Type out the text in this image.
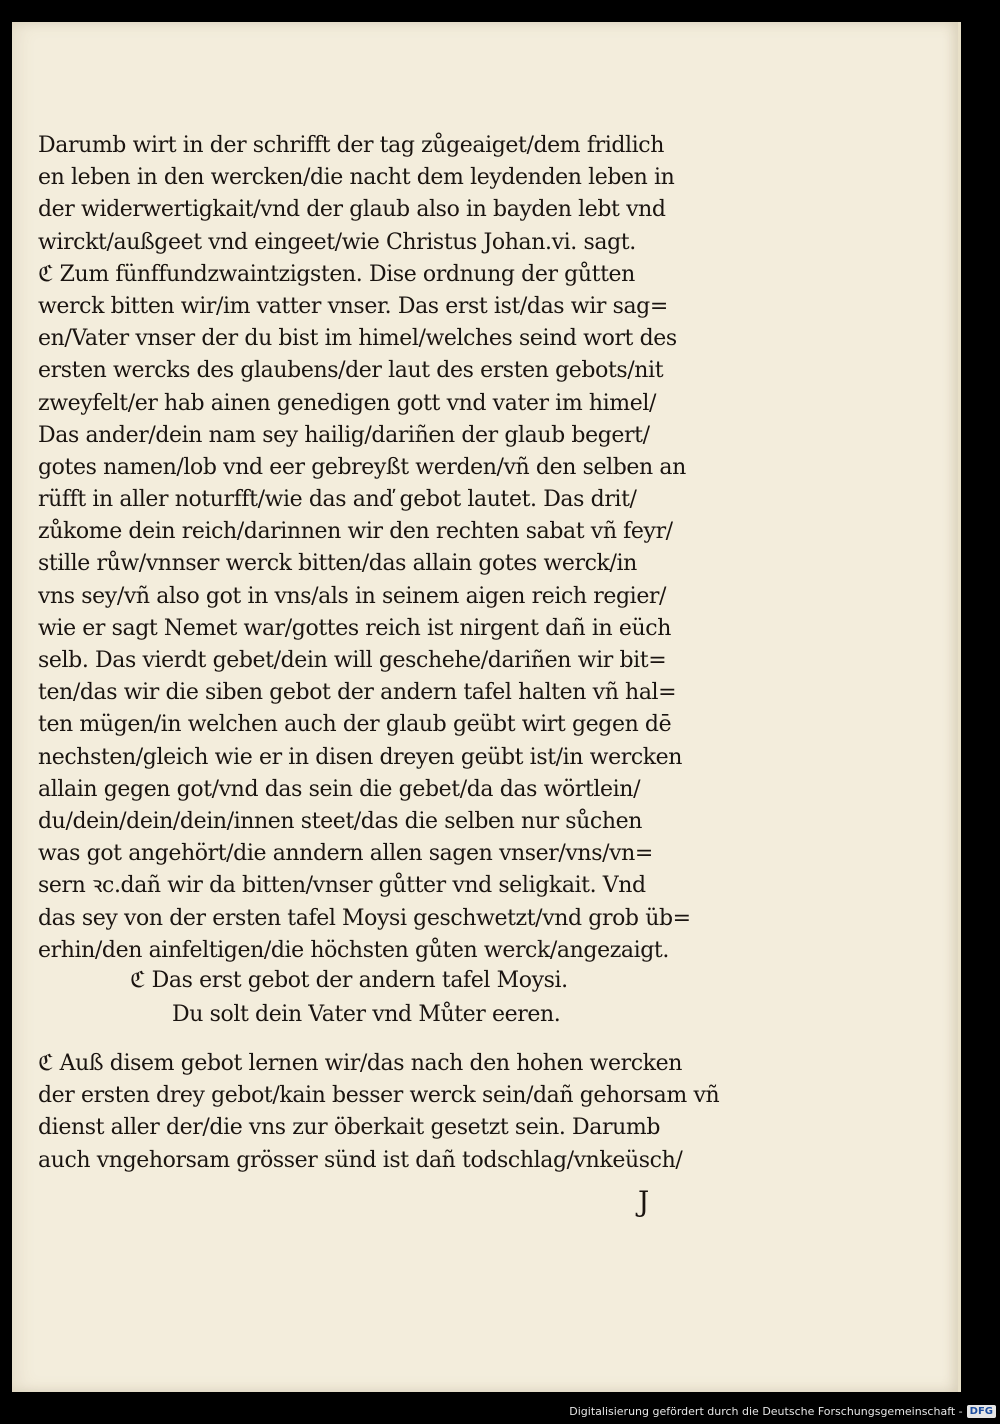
Darumb wirt in der schrifft der tag zůgeaiget/dem fridlich
en leben in den wercken/die nacht dem leydenden leben in
der widerwertigkait/vnd der glaub also in bayden lebt vnd
wirckt/außgeet vnd eingeet/wie Christus Johan.vi. sagt.
ℭ Zum fünffundzwaintzigsten. Dise ordnung der gůtten
werck bitten wir/im vatter vnser. Das erst ist/das wir sag=
en/Vater vnser der du bist im himel/welches seind wort des
ersten wercks des glaubens/der laut des ersten gebots/nit
zweyfelt/er hab ainen genedigen gott vnd vater im himel/
Das ander/dein nam sey hailig/dariñen der glaub begert/
gotes namen/lob vnd eer gebreyßt werden/vñ den selben an
rüfft in aller noturfft/wie das anď gebot lautet. Das drit/
zůkome dein reich/darinnen wir den rechten sabat vñ feyr/
stille růw/vnnser werck bitten/das allain gotes werck/in
vns sey/vñ also got in vns/als in seinem aigen reich regier/
wie er sagt Nemet war/gottes reich ist nirgent dañ in eüch
selb. Das vierdt gebet/dein will geschehe/dariñen wir bit=
ten/das wir die siben gebot der andern tafel halten vñ hal=
ten mügen/in welchen auch der glaub geübt wirt gegen dē
nechsten/gleich wie er in disen dreyen geübt ist/in wercken
allain gegen got/vnd das sein die gebet/da das wörtlein/
du/dein/dein/dein/innen steet/das die selben nur sůchen
was got angehört/die anndern allen sagen vnser/vns/vn=
sern ꝛc.dañ wir da bitten/vnser gůtter vnd seligkait. Vnd
das sey von der ersten tafel Moysi geschwetzt/vnd grob üb=
erhin/den ainfeltigen/die höchsten gůten werck/angezaigt.
ℭ Das erst gebot der andern tafel Moysi.
Du solt dein Vater vnd Můter eeren.
ℭ Auß disem gebot lernen wir/das nach den hohen wercken
der ersten drey gebot/kain besser werck sein/dañ gehorsam vñ
dienst aller der/die vns zur öberkait gesetzt sein. Darumb
auch vngehorsam grösser sünd ist dañ todschlag/vnkeüsch/
J
Digitalisierung gefördert durch die Deutsche Forschungsgemeinschaft - DFG
